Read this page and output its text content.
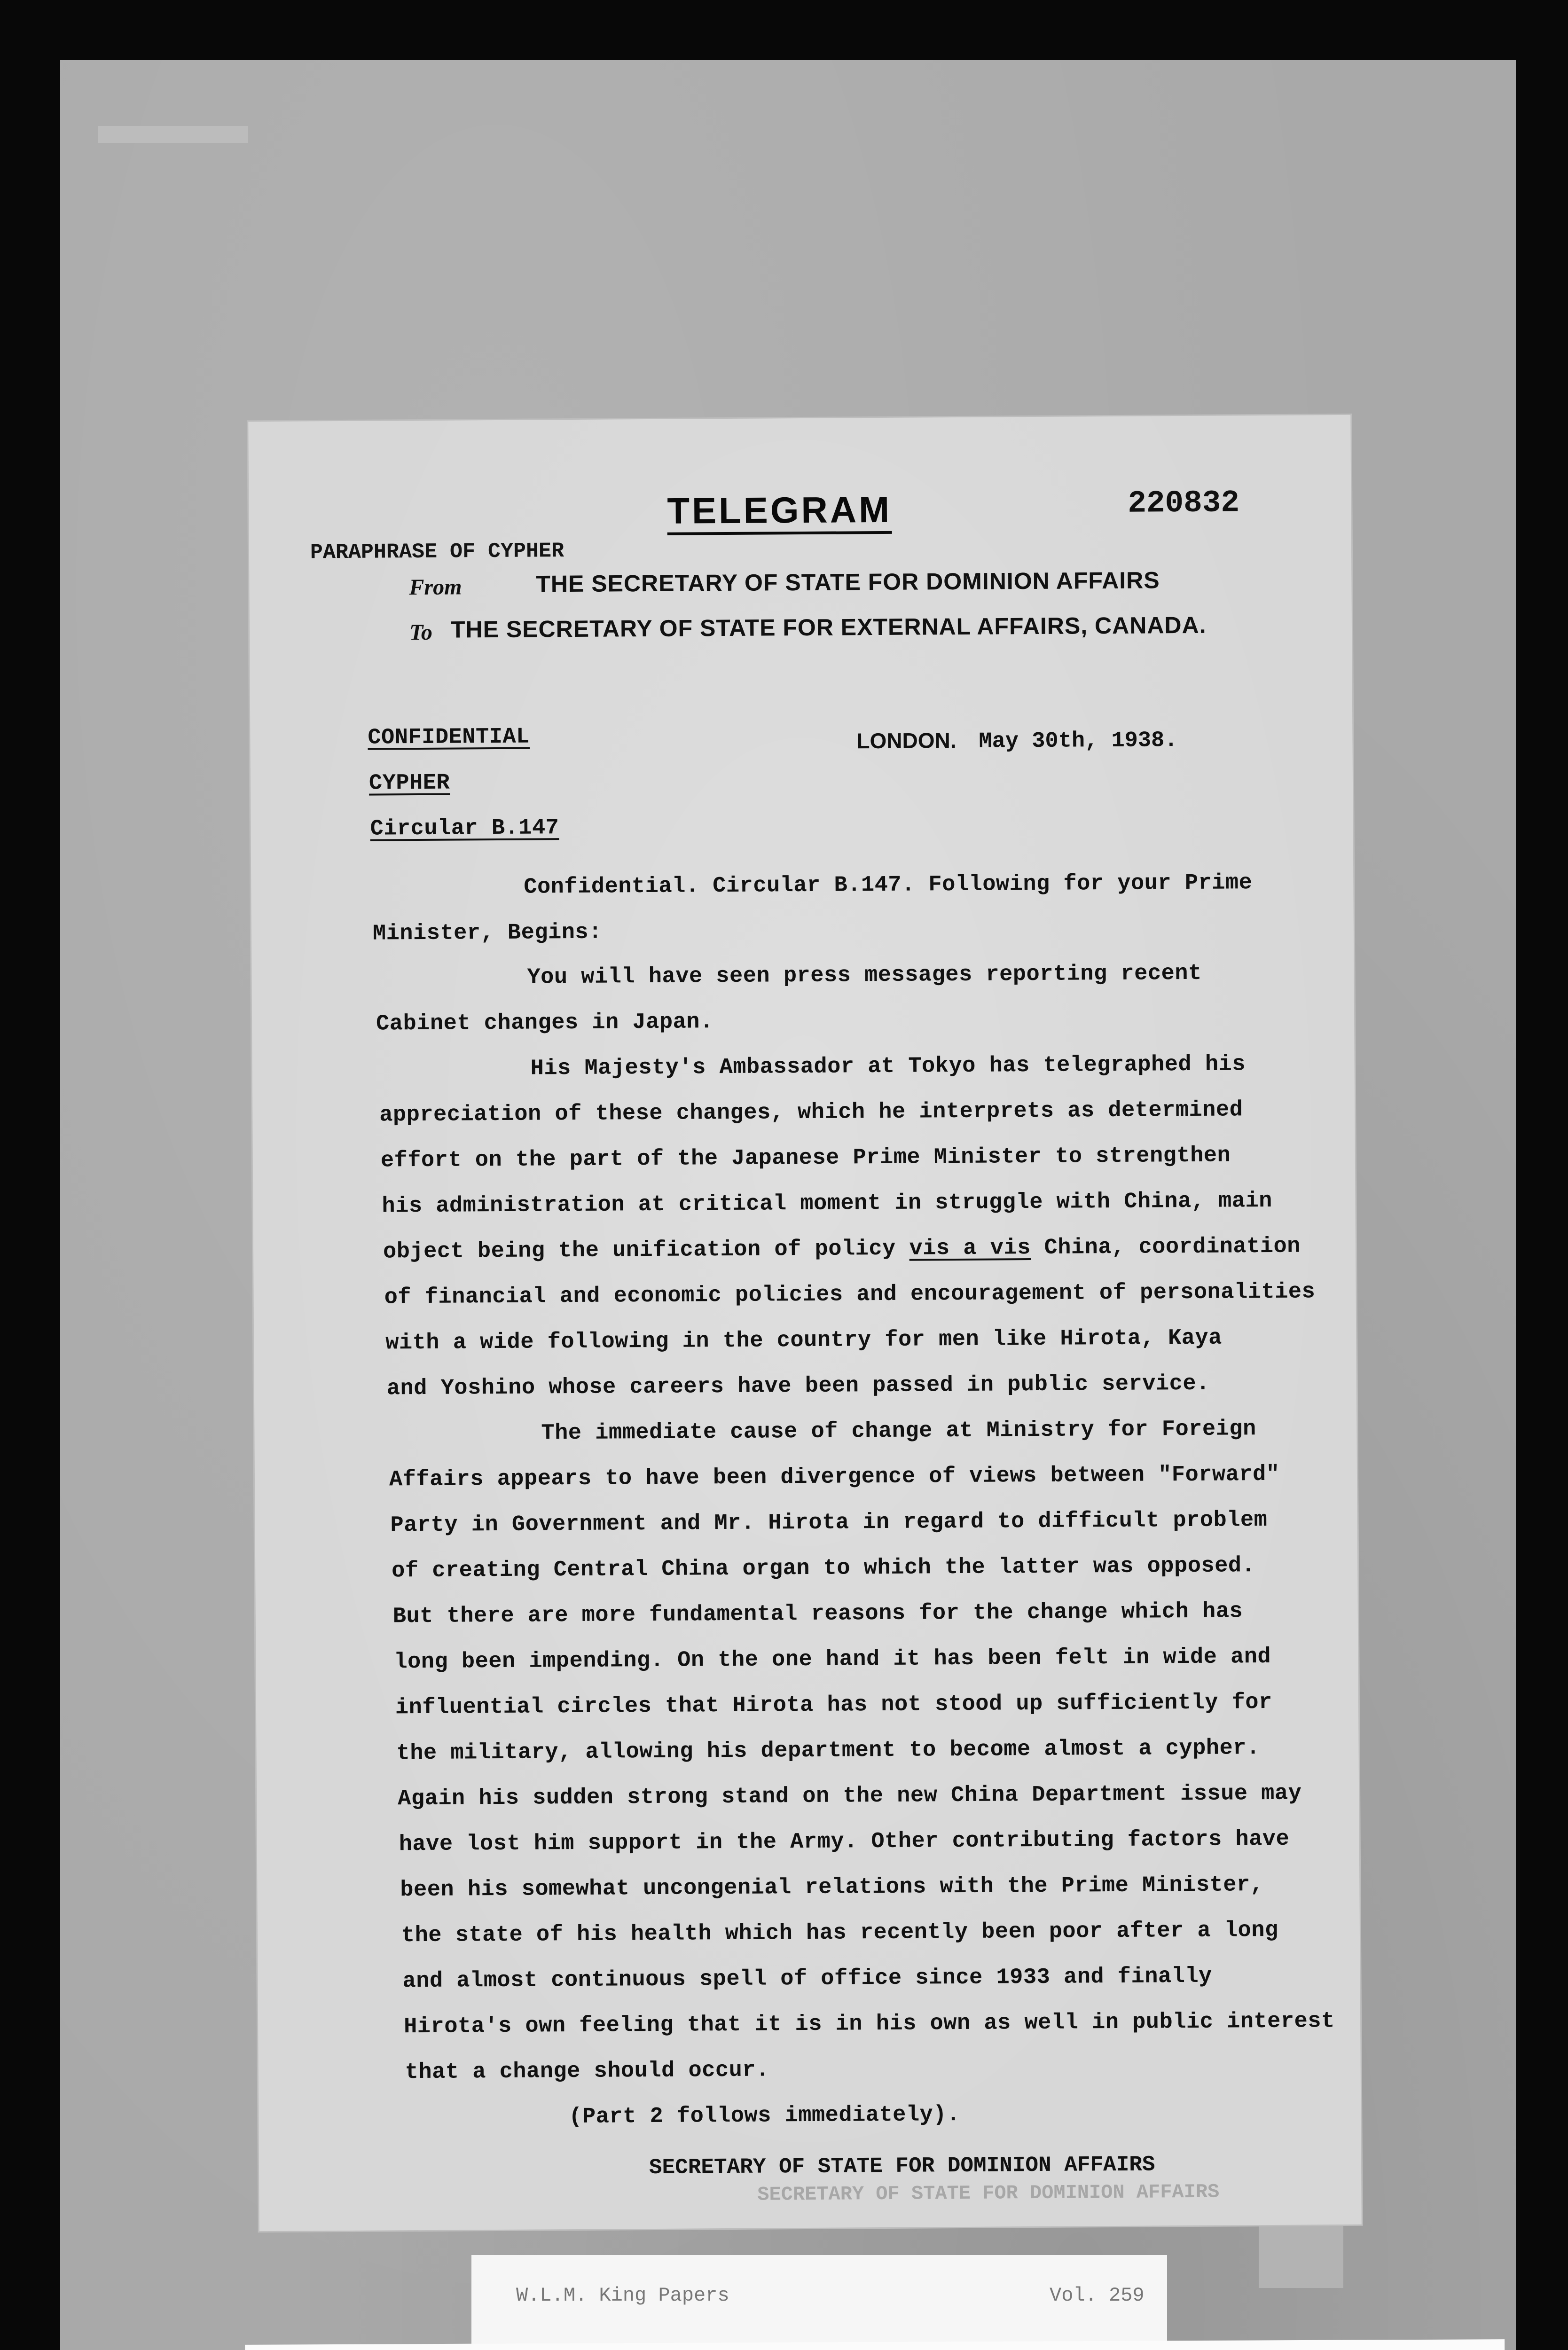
TELEGRAM	220832
PARAPHRASE OF CYPHER
From	THE SECRETARY OF STATE FOR DOMINION AFFAIRS
To THE SECRETARY OF STATE FOR EXTERNAL AFFAIRS, CANADA.
CONFIDENTIAL
CYPHER
Circular B.147
LONDON. May 30th, 1938.
Confidential. Circular B.147. Following for your Prime
Minister, Begins:
You will have seen press messages reporting recent
Cabinet changes in Japan.
His Majesty's Ambassador at Tokyo has telegraphed his
appreciation of these changes, which he interprets as determined
effort on the part of the Japanese Prime Minister to strengthen
his administration at critical moment in struggle with China, main
object being the unification of policy vis a vis China, coordination
of financial and economic policies and encouragement of personalities
with a wide following in the country for men like Hirota, Kaya
and Yoshino whose careers have been passed in public service.
The immediate cause of change at Ministry for Foreign
Affairs appears to have been divergence of views between "Forward"
Party in Government and Mr. Hirota in regard to difficult problem
of creating Central China organ to which the latter was opposed.
But there are more fundamental reasons for the change which has
long been impending. On the one hand it has been felt in wide and
influential circles that Hirota has not stood up sufficiently for
the military, allowing his department to become almost a cypher.
Again his sudden strong stand on the new China Department issue may
have lost him support in the Army. Other contributing factors have
been his somewhat uncongenial relations with the Prime Minister,
the state of his health which has recently been poor after a long
and almost continuous spell of office since 1933 and finally
Hirota's own feeling that it is in his own as well in public interest
that a change should occur.
(Part 2 follows immediately).
SECRETARY OF STATE FOR DOMINION AFFAIRS
SECRETARY OF STATE FOR DOMINION AFFAIRS
W.L.M. King Papers	Vol. 259
